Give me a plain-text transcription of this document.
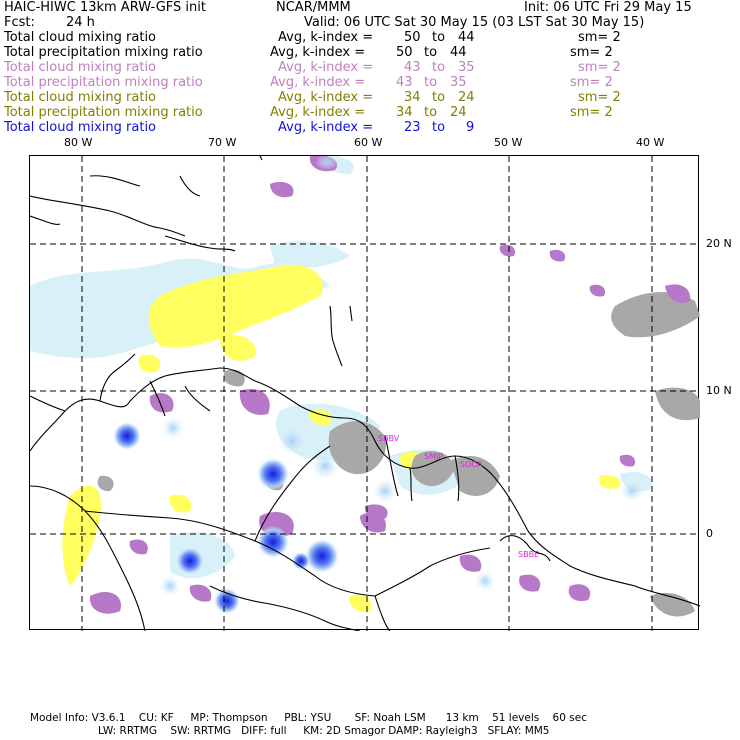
HAIC-HIWC 13km ARW-GFS init	NCAR/MMM	Init: 06 UTC Fri 29 May 15
Fcst: 24 h	Valid: 06 UTC Sat 30 May 15 (03 LST Sat 30 May 15)
Total cloud mixing ratio	Avg, k-index = 50 to 44	sm= 2
Total precipitation mixing ratio	Avg, k-index = 50 to 44	sm= 2
Total cloud mixing ratio	Avg, k-index = 43 to 35	sm= 2
Total precipitation mixing ratio	Avg, k-index = 43 to 35	sm= 2
Total cloud mixing ratio	Avg, k-index = 34 to 24	sm= 2
Total precipitation mixing ratio	Avg, k-index = 34 to 24	sm= 2
Total cloud mixing ratio	Avg, k-index = 23 to 9
80 W	70 W	60 W	50 W	40 W
20 N
10 N
0
SBBV
SMJP
SOCA
SBBE
Model Info: V3.6.1    CU: KF     MP: Thompson     PBL: YSU       SF: Noah LSM      13 km    51 levels    60 sec
LW: RRTMG    SW: RRTMG   DIFF: full     KM: 2D Smagor DAMP: Rayleigh3   SFLAY: MM5
